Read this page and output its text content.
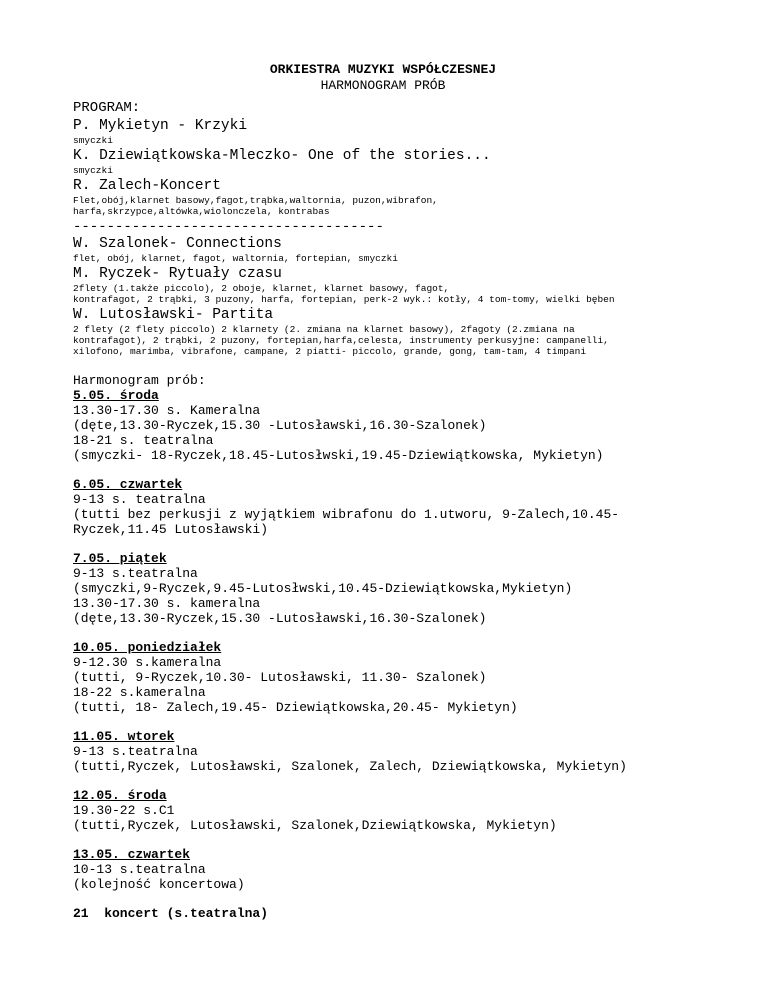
ORKIESTRA MUZYKI WSPÓŁCZESNEJ
HARMONOGRAM PRÓB
PROGRAM:
P. Mykietyn - Krzyki
smyczki
K. Dziewiątkowska-Mleczko- One of the stories...
smyczki
R. Zalech-Koncert
Flet,obój,klarnet basowy,fagot,trąbka,waltornia, puzon,wibrafon,
harfa,skrzypce,altówka,wiolonczela, kontrabas
-------------------------------------
W. Szalonek- Connections
flet, obój, klarnet, fagot, waltornia, fortepian, smyczki
M. Ryczek- Rytuały czasu
2flety (1.także piccolo), 2 oboje, klarnet, klarnet basowy, fagot,
kontrafagot, 2 trąbki, 3 puzony, harfa, fortepian, perk-2 wyk.: kotły, 4 tom-tomy, wielki bęben
W. Lutosławski- Partita
2 flety (2 flety piccolo) 2 klarnety (2. zmiana na klarnet basowy), 2fagoty (2.zmiana na
kontrafagot), 2 trąbki, 2 puzony, fortepian,harfa,celesta, instrumenty perkusyjne: campanelli,
xilofono, marimba, vibrafone, campane, 2 piatti- piccolo, grande, gong, tam-tam, 4 timpani
Harmonogram prób:
5.05. środa
13.30-17.30 s. Kameralna
(dęte,13.30-Ryczek,15.30 -Lutosławski,16.30-Szalonek)
18-21 s. teatralna
(smyczki- 18-Ryczek,18.45-Lutosłwski,19.45-Dziewiątkowska, Mykietyn)
6.05. czwartek
9-13 s. teatralna
(tutti bez perkusji z wyjątkiem wibrafonu do 1.utworu, 9-Zalech,10.45-
Ryczek,11.45 Lutosławski)
7.05. piątek
9-13 s.teatralna
(smyczki,9-Ryczek,9.45-Lutosłwski,10.45-Dziewiątkowska,Mykietyn)
13.30-17.30 s. kameralna
(dęte,13.30-Ryczek,15.30 -Lutosławski,16.30-Szalonek)
10.05. poniedziałek
9-12.30 s.kameralna
(tutti, 9-Ryczek,10.30- Lutosławski, 11.30- Szalonek)
18-22 s.kameralna
(tutti, 18- Zalech,19.45- Dziewiątkowska,20.45- Mykietyn)
11.05. wtorek
9-13 s.teatralna
(tutti,Ryczek, Lutosławski, Szalonek, Zalech, Dziewiątkowska, Mykietyn)
12.05. środa
19.30-22 s.C1
(tutti,Ryczek, Lutosławski, Szalonek,Dziewiątkowska, Mykietyn)
13.05. czwartek
10-13 s.teatralna
(kolejność koncertowa)
21  koncert (s.teatralna)
